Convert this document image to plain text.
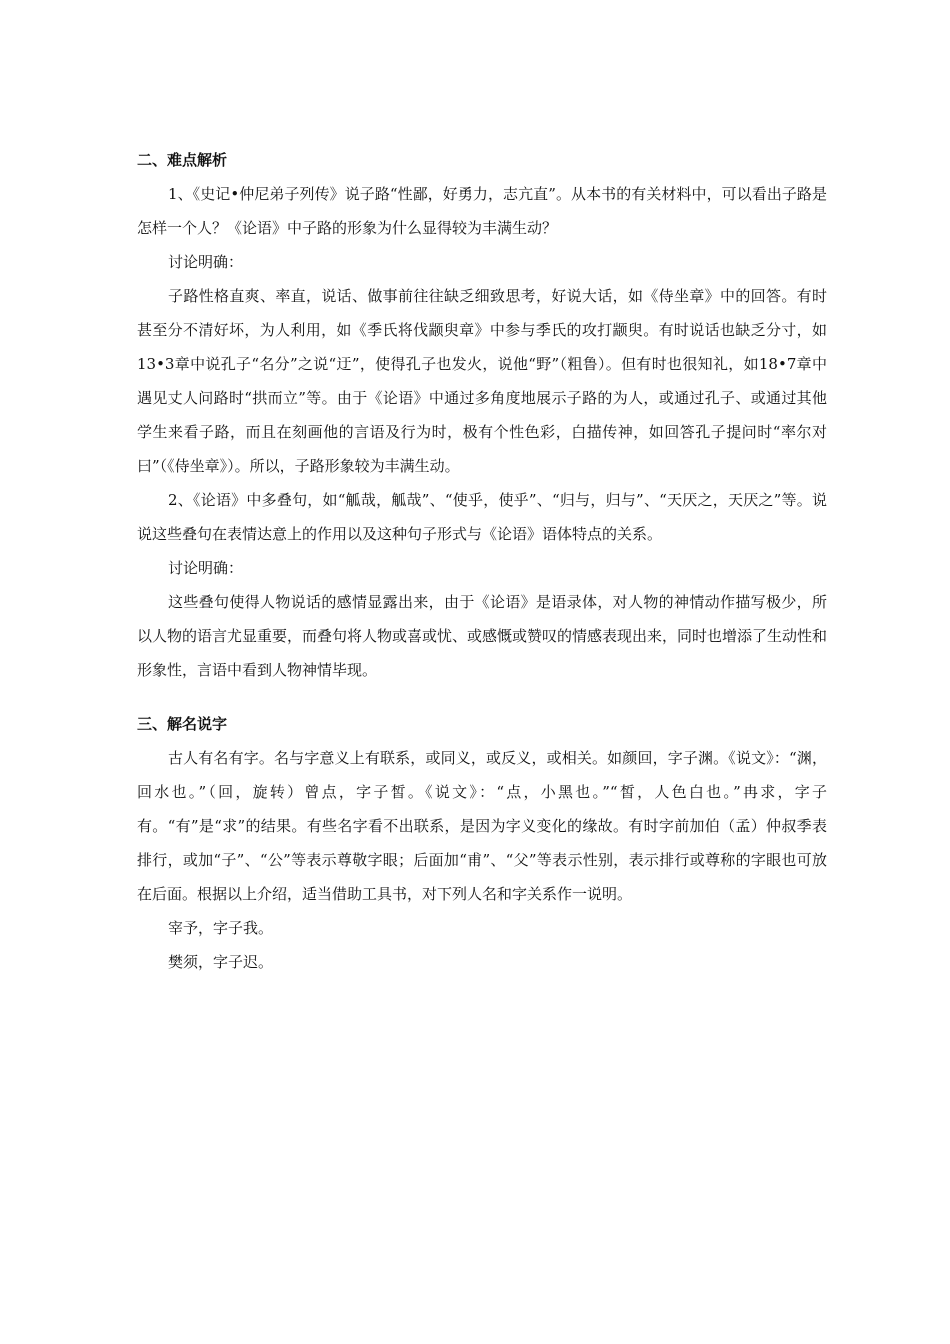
二、难点解析

1、《史记•仲尼弟子列传》说子路“性鄙，好勇力，志亢直”。从本书的有关材料中，可以看出子路是怎样一个人？《论语》中子路的形象为什么显得较为丰满生动？

讨论明确：

子路性格直爽、率直，说话、做事前往往缺乏细致思考，好说大话，如《侍坐章》中的回答。有时甚至分不清好坏，为人利用，如《季氏将伐颛臾章》中参与季氏的攻打颛臾。有时说话也缺乏分寸，如13•3章中说孔子“名分”之说“迂”，使得孔子也发火，说他“野”（粗鲁）。但有时也很知礼，如18•7章中遇见丈人问路时“拱而立”等。由于《论语》中通过多角度地展示子路的为人，或通过孔子、或通过其他学生来看子路，而且在刻画他的言语及行为时，极有个性色彩，白描传神，如回答孔子提问时“率尔对曰”（《侍坐章》）。所以，子路形象较为丰满生动。

2、《论语》中多叠句，如“觚哉，觚哉”、“使乎，使乎”、“归与，归与”、“天厌之，天厌之”等。说说这些叠句在表情达意上的作用以及这种句子形式与《论语》语体特点的关系。

讨论明确：

这些叠句使得人物说话的感情显露出来，由于《论语》是语录体，对人物的神情动作描写极少，所以人物的语言尤显重要，而叠句将人物或喜或忧、或感慨或赞叹的情感表现出来，同时也增添了生动性和形象性，言语中看到人物神情毕现。

三、解名说字

古人有名有字。名与字意义上有联系，或同义，或反义，或相关。如颜回，字子渊。《说文》：“渊，回水也。”（回，旋转）曾点，字子皙。《说文》：“点，小黑也。”“皙，人色白也。”冉求，字子有。“有”是“求”的结果。有些名字看不出联系，是因为字义变化的缘故。有时字前加伯（孟）仲叔季表排行，或加“子”、“公”等表示尊敬字眼；后面加“甫”、“父”等表示性别，表示排行或尊称的字眼也可放在后面。根据以上介绍，适当借助工具书，对下列人名和字关系作一说明。

宰予，字子我。

樊须，字子迟。
